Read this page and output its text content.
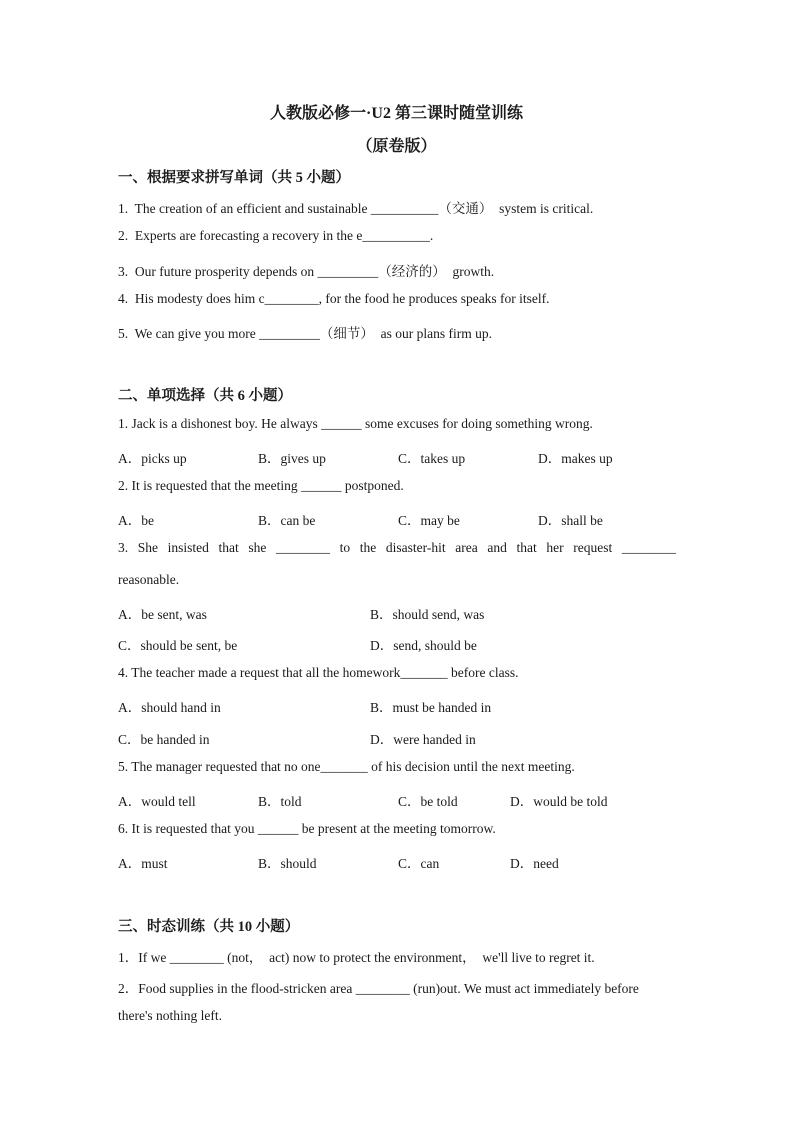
人教版必修一·U2 第三课时随堂训练
（原卷版）
一、根据要求拼写单词（共 5 小题）
1.  The creation of an efficient and sustainable __________（交通）  system is critical.
2.  Experts are forecasting a recovery in the e__________.
3.  Our future prosperity depends on _________（经济的）  growth.
4.  His modesty does him c________, for the food he produces speaks for itself.
5.  We can give you more _________（细节）  as our plans firm up.
二、单项选择（共 6 小题）
1. Jack is a dishonest boy. He always ______ some excuses for doing something wrong.
A．picks up	B．gives up	C．takes up	D．makes up
2. It is requested that the meeting ______ postponed.
A．be	B．can be	C．may be	D．shall be
3. She insisted that she ________ to the disaster-hit area and that her request ________
reasonable.
A．be sent, was	B．should send, was
C．should be sent, be	D．send, should be
4. The teacher made a request that all the homework_______ before class.
A．should hand in	B．must be handed in
C．be handed in	D．were handed in
5. The manager requested that no one_______ of his decision until the next meeting.
A．would tell	B．told	C．be told	D．would be told
6. It is requested that you ______ be present at the meeting tomorrow.
A．must	B．should	C．can	D．need
三、时态训练（共 10 小题）
1．If we ________ (not，  act) now to protect the environment，  we'll live to regret it.
2．Food supplies in the flood-stricken area ________ (run)out. We must act immediately before
there's nothing left.
